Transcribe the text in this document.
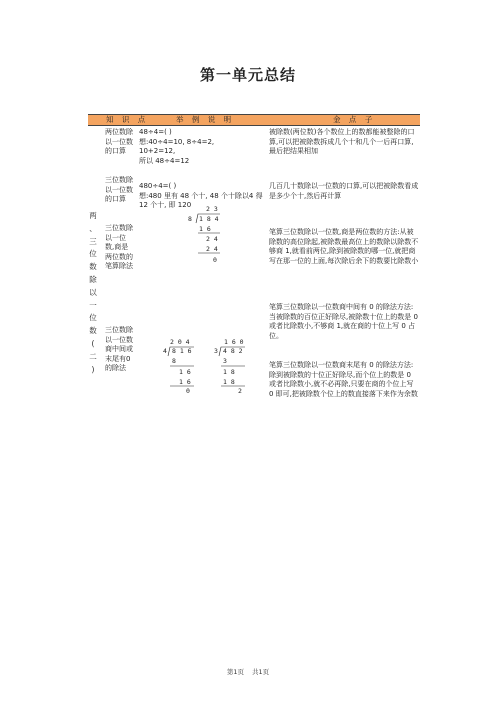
第一单元总结
知 识 点	举 例 说 明	金 点 子
两
、
三
位
数
除
以
一
位
数
(
二
)
两位数除以一位数的口算
48÷4=( )
想:40÷4=10, 8÷4=2,
10+2=12,
所以 48÷4=12
被除数(两位数)各个数位上的数都能被整除的口算,可以把被除数拆成几个十和几个一后再口算,最后把结果相加
三位数除以一位数的口算
480÷4=( )
想:480 里有 48 个十, 48 个十除以4 得 12 个十, 即 120
几百几十数除以一位数的口算,可以把被除数看成是多少个十,然后再计算
三位数除以一位数,商是两位数的笔算除法
笔算三位数除以一位数,商是两位数的方法:从被除数的高位除起,被除数最高位上的数除以除数不够商 1,就看前两位,除到被除数的哪一位,就把商写在那一位的上面,每次除后余下的数要比除数小
三位数除以一位数商中间或末尾有0的除法
笔算三位数除以一位数商中间有 0 的除法方法:当被除数的百位正好除尽,被除数十位上的数是 0 或者比除数小,不够商 1,就在商的十位上写 0 占位。
笔算三位数除以一位数商末尾有 0 的除法方法:除到被除数的十位正好除尽,而个位上的数是 0 或者比除数小,就不必再除,只要在商的个位上写 0 即可,把被除数个位上的数直接落下来作为余数
2 3
8 1 8 4
1 6
2 4
2 4
0
2 0 4
4 8 1 6
8
1 6
1 6
0
1 6 0
3 4 8 2
3
1 8
1 8
2
第1页 共1页
